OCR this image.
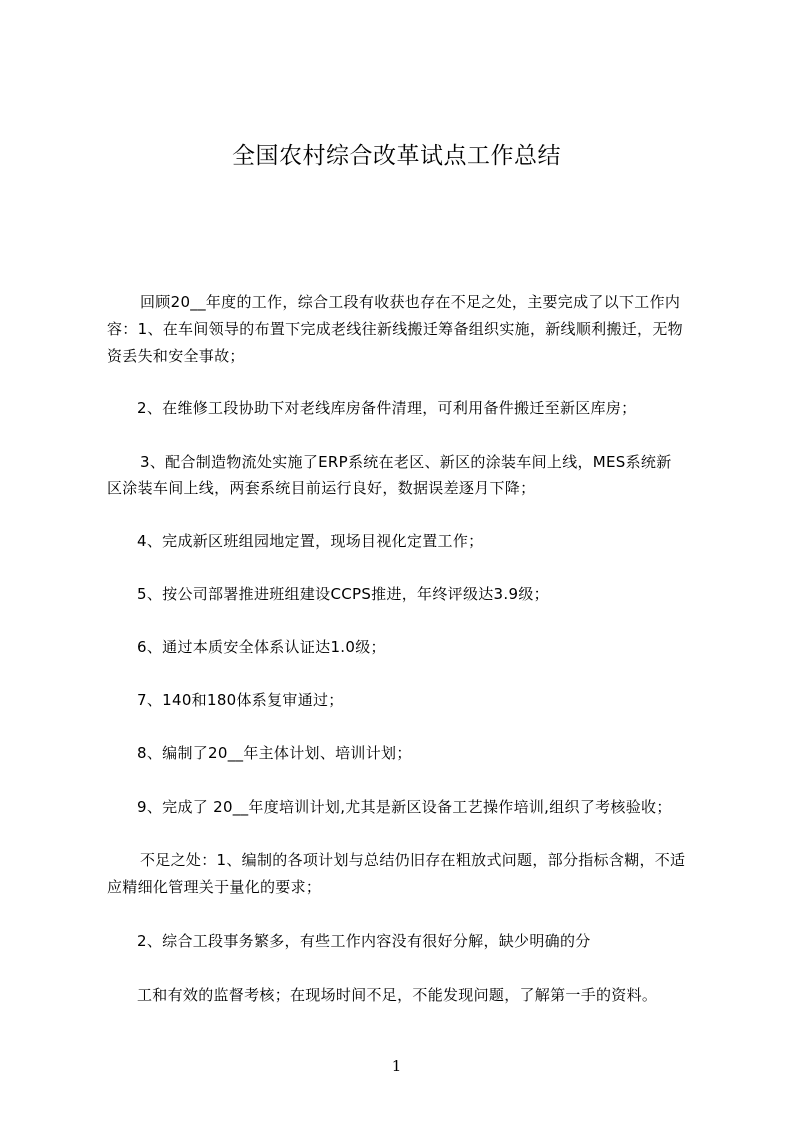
全国农村综合改革试点工作总结
回顾20__年度的工作，综合工段有收获也存在不足之处，主要完成了以下工作内
容：1、在车间领导的布置下完成老线往新线搬迁筹备组织实施，新线顺利搬迁，无物
资丢失和安全事故；
2、在维修工段协助下对老线库房备件清理，可利用备件搬迁至新区库房；
3、配合制造物流处实施了ERP系统在老区、新区的涂装车间上线，MES系统新
区涂装车间上线，两套系统目前运行良好，数据误差逐月下降；
4、完成新区班组园地定置，现场目视化定置工作；
5、按公司部署推进班组建设CCPS推进，年终评级达3.9级；
6、通过本质安全体系认证达1.0级；
7、140和180体系复审通过；
8、编制了20__年主体计划、培训计划；
9、完成了 20__年度培训计划,尤其是新区设备工艺操作培训,组织了考核验收；
不足之处：1、编制的各项计划与总结仍旧存在粗放式问题，部分指标含糊，不适
应精细化管理关于量化的要求；
2、综合工段事务繁多，有些工作内容没有很好分解，缺少明确的分
工和有效的监督考核；在现场时间不足，不能发现问题，了解第一手的资料。
1
